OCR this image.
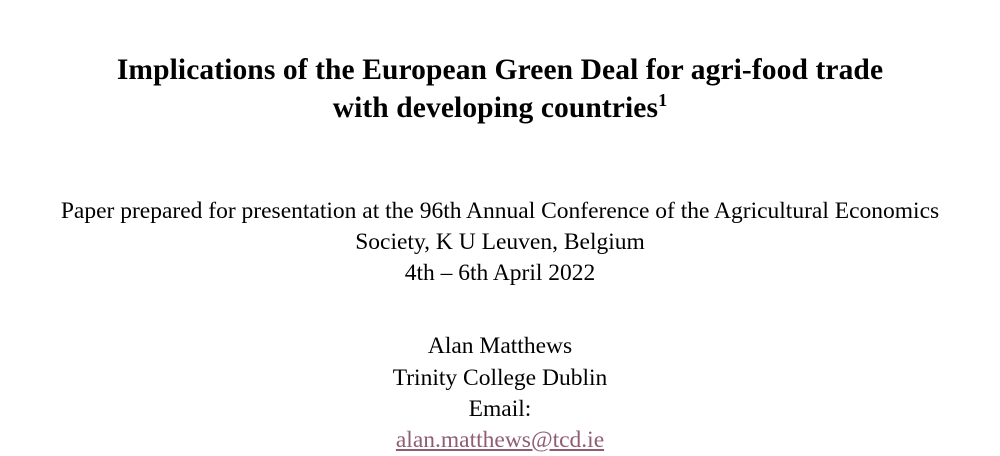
Implications of the European Green Deal for agri-food trade
with developing countries$^1$

Paper prepared for presentation at the 96th Annual Conference of the Agricultural Economics
Society, K U Leuven, Belgium
4th – 6th April 2022

Alan Matthews
Trinity College Dublin
Email:
alan.matthews@tcd.ie
